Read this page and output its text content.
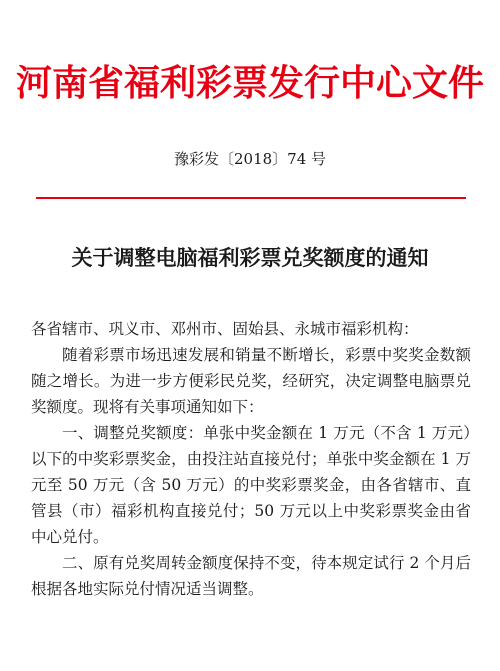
河南省福利彩票发行中心文件
豫彩发〔2018〕74 号
关于调整电脑福利彩票兑奖额度的通知

各省辖市、巩义市、邓州市、固始县、永城市福彩机构：

随着彩票市场迅速发展和销量不断增长，彩票中奖奖金数额随之增长。为进一步方便彩民兑奖，经研究，决定调整电脑票兑奖额度。现将有关事项通知如下：

一、调整兑奖额度：单张中奖金额在 1 万元（不含 1 万元）以下的中奖彩票奖金，由投注站直接兑付；单张中奖金额在 1 万元至 50 万元（含 50 万元）的中奖彩票奖金，由各省辖市、直管县（市）福彩机构直接兑付；50 万元以上中奖彩票奖金由省中心兑付。

二、原有兑奖周转金额度保持不变，待本规定试行 2 个月后根据各地实际兑付情况适当调整。
